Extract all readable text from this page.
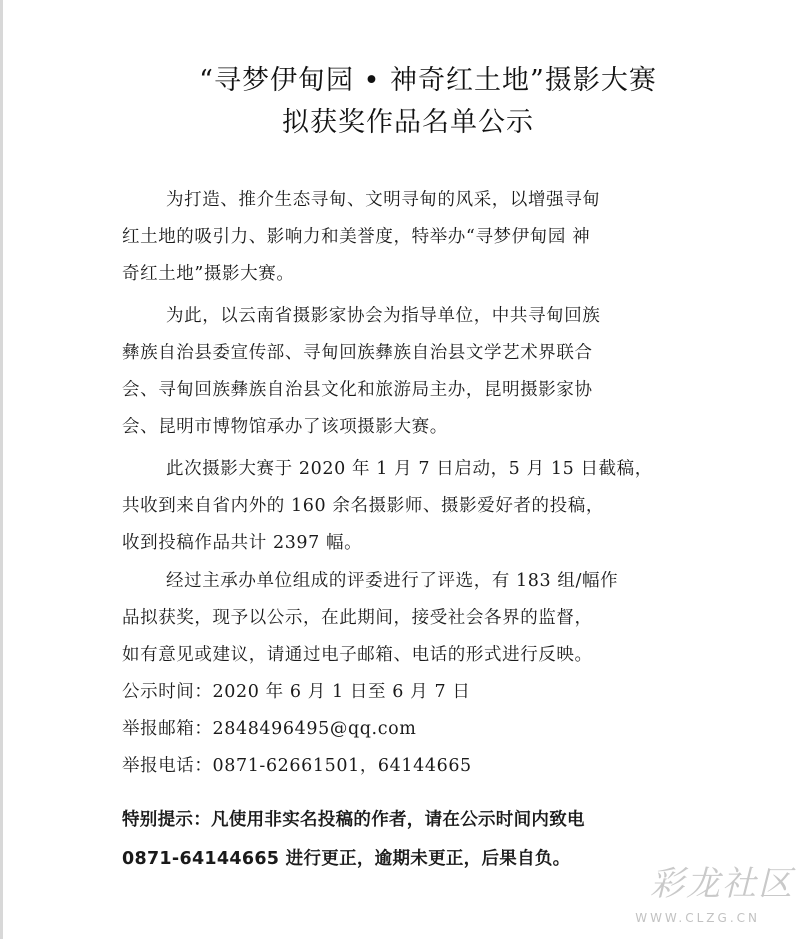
“寻梦伊甸园 • 神奇红土地”摄影大赛
拟获奖作品名单公示
为打造、推介生态寻甸、文明寻甸的风采，以增强寻甸
红土地的吸引力、影响力和美誉度，特举办“寻梦伊甸园 神
奇红土地”摄影大赛。
为此，以云南省摄影家协会为指导单位，中共寻甸回族
彝族自治县委宣传部、寻甸回族彝族自治县文学艺术界联合
会、寻甸回族彝族自治县文化和旅游局主办，昆明摄影家协
会、昆明市博物馆承办了该项摄影大赛。
此次摄影大赛于 2020 年 1 月 7 日启动，5 月 15 日截稿，
共收到来自省内外的 160 余名摄影师、摄影爱好者的投稿，
收到投稿作品共计 2397 幅。
经过主承办单位组成的评委进行了评选，有 183 组/幅作
品拟获奖，现予以公示，在此期间，接受社会各界的监督，
如有意见或建议，请通过电子邮箱、电话的形式进行反映。
公示时间：2020 年 6 月 1 日至 6 月 7 日
举报邮箱：2848496495@qq.com
举报电话：0871-62661501，64144665
特别提示：凡使用非实名投稿的作者，请在公示时间内致电
0871-64144665 进行更正，逾期未更正，后果自负。
彩龙社区
WWW.CLZG.CN
